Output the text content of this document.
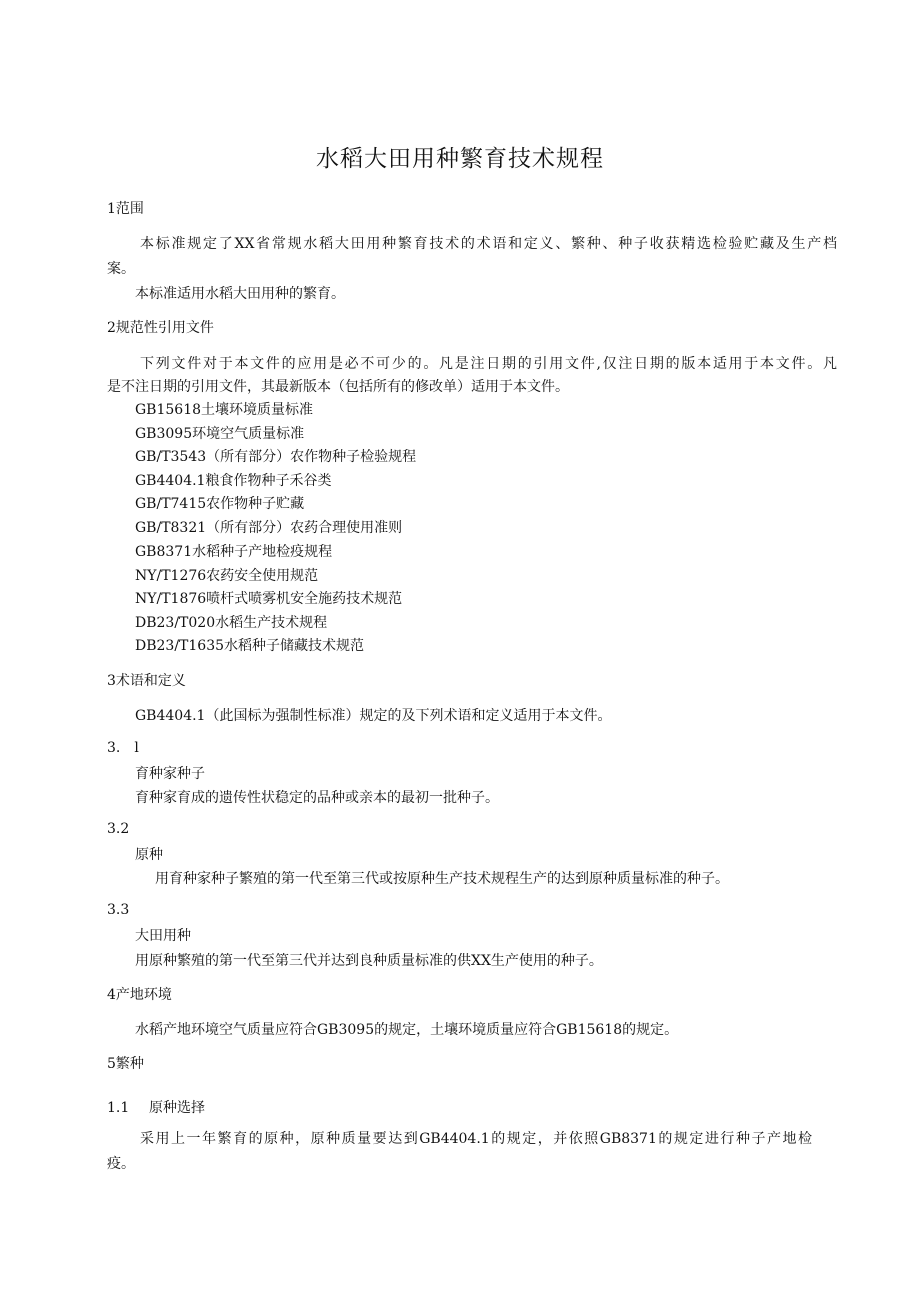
水稻大田用种繁育技术规程
1范围
本标准规定了XX省常规水稻大田用种繁育技术的术语和定义、繁种、种子收获精选检验贮藏及生产档
案。
本标准适用水稻大田用种的繁育。
2规范性引用文件
下列文件对于本文件的应用是必不可少的。凡是注日期的引用文件,仅注日期的版本适用于本文件。凡
是不注日期的引用文件，其最新版本（包括所有的修改单）适用于本文件。
GB15618土壤环境质量标准
GB3095环境空气质量标准
GB/T3543（所有部分）农作物种子检验规程
GB4404.1粮食作物种子禾谷类
GB/T7415农作物种子贮藏
GB/T8321（所有部分）农药合理使用准则
GB8371水稻种子产地检疫规程
NY/T1276农药安全使用规范
NY/T1876喷杆式喷雾机安全施药技术规范
DB23/T020水稻生产技术规程
DB23/T1635水稻种子储藏技术规范
3术语和定义
GB4404.1（此国标为强制性标准）规定的及下列术语和定义适用于本文件。
3.　l
育种家种子
育种家育成的遗传性状稳定的品种或亲本的最初一批种子。
3.2
原种
用育种家种子繁殖的第一代至第三代或按原种生产技术规程生产的达到原种质量标准的种子。
3.3
大田用种
用原种繁殖的第一代至第三代并达到良种质量标准的供XX生产使用的种子。
4产地环境
水稻产地环境空气质量应符合GB3095的规定，土壤环境质量应符合GB15618的规定。
5繁种
1.1 原种选择
采用上一年繁育的原种，原种质量要达到GB4404.1的规定，并依照GB8371的规定进行种子产地检
疫。
